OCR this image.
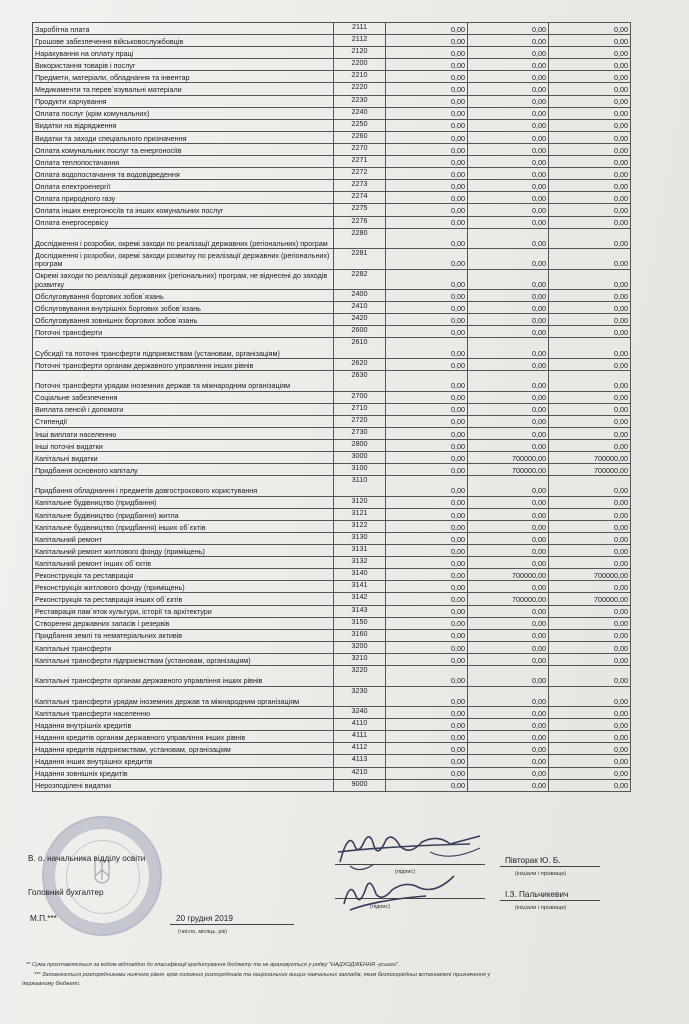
Заробітна плата	2111	0,00	0,00	0,00
Грошове забезпечення військовослужбовців	2112	0,00	0,00	0,00
Нарахування на оплату праці	2120	0,00	0,00	0,00
Використання товарів і послуг	2200	0,00	0,00	0,00
Предмети, матеріали, обладнання та інвентар	2210	0,00	0,00	0,00
Медикаменти та перев`язувальні матеріали	2220	0,00	0,00	0,00
Продукти харчування	2230	0,00	0,00	0,00
Оплата послуг (крім комунальних)	2240	0,00	0,00	0,00
Видатки на відрядження	2250	0,00	0,00	0,00
Видатки та заходи спеціального призначення	2260	0,00	0,00	0,00
Оплата комунальних послуг та енергоносіїв	2270	0,00	0,00	0,00
Оплата теплопостачання	2271	0,00	0,00	0,00
Оплата водопостачання та водовідведення	2272	0,00	0,00	0,00
Оплата електроенергії	2273	0,00	0,00	0,00
Оплата природного газу	2274	0,00	0,00	0,00
Оплата інших енергоносіїв та інших комунальних послуг	2275	0,00	0,00	0,00
Оплата енергосервісу	2276	0,00	0,00	0,00
Дослідження і розробки, окремі заходи по реалізації державних (регіональних) програм	2280	0,00	0,00	0,00
Дослідження і розробки, окремі заходи розвитку по реалізації державних (регіональних) програм	2281	0,00	0,00	0,00
Окремі заходи по реалізації державних (регіональних) програм, не віднесені до заходів розвитку	2282	0,00	0,00	0,00
Обслуговування боргових зобов`язань	2400	0,00	0,00	0,00
Обслуговування внутрішніх боргових зобов`язань	2410	0,00	0,00	0,00
Обслуговування зовнішніх боргових зобов`язань	2420	0,00	0,00	0,00
Поточні трансферти	2600	0,00	0,00	0,00
Субсидії та поточні трансферти підприємствам (установам, організаціям)	2610	0,00	0,00	0,00
Поточні трансферти органам державного управління інших рівнів	2620	0,00	0,00	0,00
Поточні трансферти урядам іноземних держав та міжнародним організаціям	2630	0,00	0,00	0,00
Соціальне забезпечення	2700	0,00	0,00	0,00
Виплата пенсій і допомоги	2710	0,00	0,00	0,00
Стипендії	2720	0,00	0,00	0,00
Інші виплати населенню	2730	0,00	0,00	0,00
Інші поточні видатки	2800	0,00	0,00	0,00
Капітальні видатки	3000	0,00	700000,00	700000,00
Придбання основного капіталу	3100	0,00	700000,00	700000,00
Придбання обладнання і предметів довгострокового користування	3110	0,00	0,00	0,00
Капітальне будівництво (придбання)	3120	0,00	0,00	0,00
Капітальне будівництво (придбання) житла	3121	0,00	0,00	0,00
Капітальне будівництво (придбання) інших об`єктів	3122	0,00	0,00	0,00
Капітальний ремонт	3130	0,00	0,00	0,00
Капітальний ремонт житлового фонду (приміщень)	3131	0,00	0,00	0,00
Капітальний ремонт інших об`єктів	3132	0,00	0,00	0,00
Реконструкція та реставрація	3140	0,00	700000,00	700000,00
Реконструкція житлового фонду (приміщень)	3141	0,00	0,00	0,00
Реконструкція та реставрація інших об`єктів	3142	0,00	700000,00	700000,00
Реставрація пам`яток культури, історії та архітектури	3143	0,00	0,00	0,00
Створення державних запасів і резервів	3150	0,00	0,00	0,00
Придбання землі та нематеріальних активів	3160	0,00	0,00	0,00
Капітальні трансферти	3200	0,00	0,00	0,00
Капітальні трансферти підприємствам (установам, організаціям)	3210	0,00	0,00	0,00
Капітальні трансферти органам державного управління інших рівнів	3220	0,00	0,00	0,00
Капітальні трансферти урядам іноземних держав та міжнародним організаціям	3230	0,00	0,00	0,00
Капітальні трансферти населенню	3240	0,00	0,00	0,00
Надання внутрішніх кредитів	4110	0,00	0,00	0,00
Надання кредитів органам державного управління інших рівнів	4111	0,00	0,00	0,00
Надання кредитів підприємствам, установам, організаціям	4112	0,00	0,00	0,00
Надання інших внутрішніх кредитів	4113	0,00	0,00	0,00
Надання зовнішніх кредитів	4210	0,00	0,00	0,00
Нерозподілені видатки	9000	0,00	0,00	0,00
В. о. начальника відділу освіти
(підпис)
Півторак Ю. Б.
(ініціали і прізвище)
Головний бухгалтер
(підпис)
І.З. Пальчикевич
(ініціали і прізвище)
М.П.***	20 грудня 2019
(число, місяць, рік)
** Сума проставляється за кодом відповідно до класифікації кредитування бюджету та не враховується у рядку "НАДХОДЖЕННЯ -усього".
*** Заповнюється розпорядниками нижчого рівня, крім головних розпорядників та національних вищих навчальних закладів, яким безпосередньо встановлені призначення у
державному бюджеті.
